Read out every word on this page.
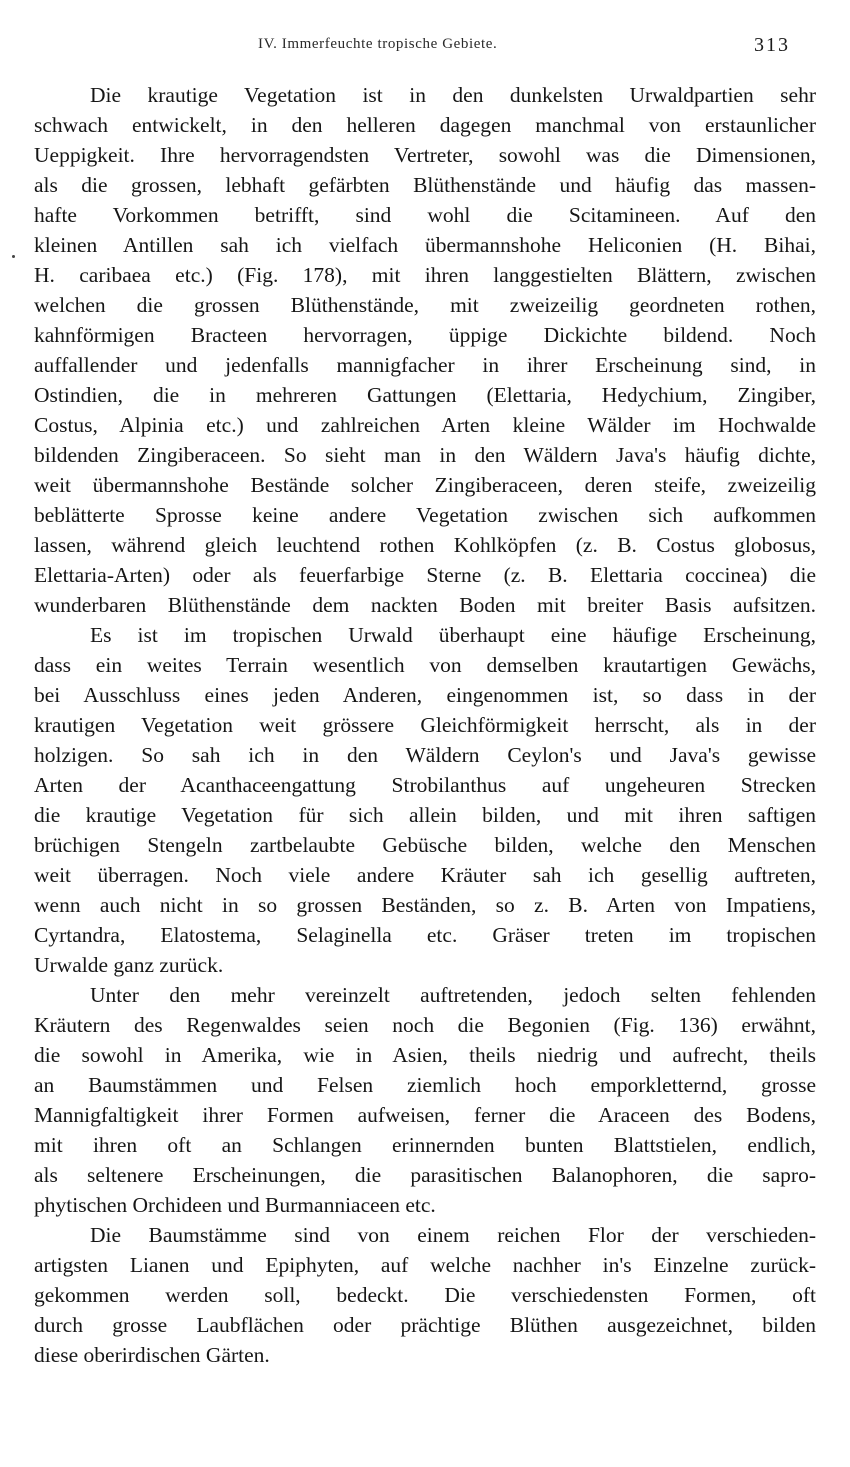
IV. Immerfeuchte tropische Gebiete.	313
Die krautige Vegetation ist in den dunkelsten Urwaldpartien sehr
schwach entwickelt, in den helleren dagegen manchmal von erstaunlicher
Ueppigkeit. Ihre hervorragendsten Vertreter, sowohl was die Dimensionen,
als die grossen, lebhaft gefärbten Blüthenstände und häufig das massen-
hafte Vorkommen betrifft, sind wohl die Scitamineen. Auf den
kleinen Antillen sah ich vielfach übermannshohe Heliconien (H. Bihai,
H. caribaea etc.) (Fig. 178), mit ihren langgestielten Blättern, zwischen
welchen die grossen Blüthenstände, mit zweizeilig geordneten rothen,
kahnförmigen Bracteen hervorragen, üppige Dickichte bildend. Noch
auffallender und jedenfalls mannigfacher in ihrer Erscheinung sind, in
Ostindien, die in mehreren Gattungen (Elettaria, Hedychium, Zingiber,
Costus, Alpinia etc.) und zahlreichen Arten kleine Wälder im Hochwalde
bildenden Zingiberaceen. So sieht man in den Wäldern Java's häufig dichte,
weit übermannshohe Bestände solcher Zingiberaceen, deren steife, zweizeilig
beblätterte Sprosse keine andere Vegetation zwischen sich aufkommen
lassen, während gleich leuchtend rothen Kohlköpfen (z. B. Costus globosus,
Elettaria-Arten) oder als feuerfarbige Sterne (z. B. Elettaria coccinea) die
wunderbaren Blüthenstände dem nackten Boden mit breiter Basis aufsitzen.
Es ist im tropischen Urwald überhaupt eine häufige Erscheinung,
dass ein weites Terrain wesentlich von demselben krautartigen Gewächs,
bei Ausschluss eines jeden Anderen, eingenommen ist, so dass in der
krautigen Vegetation weit grössere Gleichförmigkeit herrscht, als in der
holzigen. So sah ich in den Wäldern Ceylon's und Java's gewisse
Arten der Acanthaceengattung Strobilanthus auf ungeheuren Strecken
die krautige Vegetation für sich allein bilden, und mit ihren saftigen
brüchigen Stengeln zartbelaubte Gebüsche bilden, welche den Menschen
weit überragen. Noch viele andere Kräuter sah ich gesellig auftreten,
wenn auch nicht in so grossen Beständen, so z. B. Arten von Impatiens,
Cyrtandra, Elatostema, Selaginella etc. Gräser treten im tropischen
Urwalde ganz zurück.
Unter den mehr vereinzelt auftretenden, jedoch selten fehlenden
Kräutern des Regenwaldes seien noch die Begonien (Fig. 136) erwähnt,
die sowohl in Amerika, wie in Asien, theils niedrig und aufrecht, theils
an Baumstämmen und Felsen ziemlich hoch emporkletternd, grosse
Mannigfaltigkeit ihrer Formen aufweisen, ferner die Araceen des Bodens,
mit ihren oft an Schlangen erinnernden bunten Blattstielen, endlich,
als seltenere Erscheinungen, die parasitischen Balanophoren, die sapro-
phytischen Orchideen und Burmanniaceen etc.
Die Baumstämme sind von einem reichen Flor der verschieden-
artigsten Lianen und Epiphyten, auf welche nachher in's Einzelne zurück-
gekommen werden soll, bedeckt. Die verschiedensten Formen, oft
durch grosse Laubflächen oder prächtige Blüthen ausgezeichnet, bilden
diese oberirdischen Gärten.
